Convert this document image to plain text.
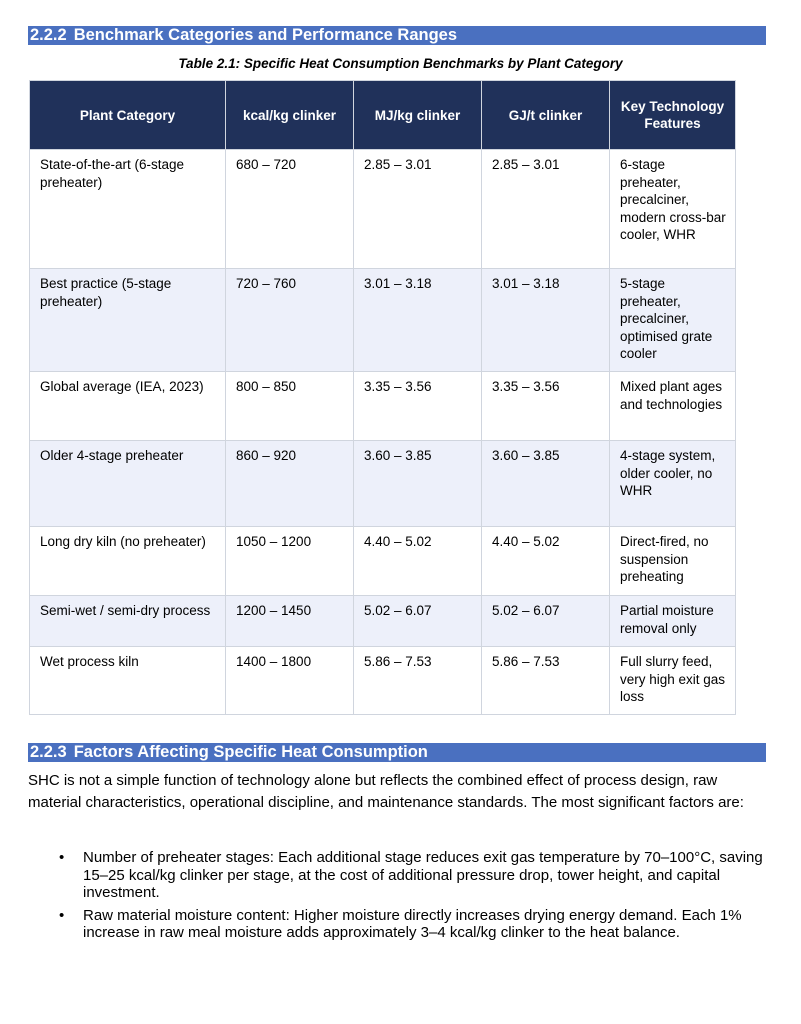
2.2.2 Benchmark Categories and Performance Ranges
Table 2.1: Specific Heat Consumption Benchmarks by Plant Category
Plant Category	kcal/kg clinker	MJ/kg clinker	GJ/t clinker	Key Technology Features
State-of-the-art (6-stage preheater)	680 – 720	2.85 – 3.01	2.85 – 3.01	6-stage preheater, precalciner, modern cross-bar cooler, WHR
Best practice (5-stage preheater)	720 – 760	3.01 – 3.18	3.01 – 3.18	5-stage preheater, precalciner, optimised grate cooler
Global average (IEA, 2023)	800 – 850	3.35 – 3.56	3.35 – 3.56	Mixed plant ages and technologies
Older 4-stage preheater	860 – 920	3.60 – 3.85	3.60 – 3.85	4-stage system, older cooler, no WHR
Long dry kiln (no preheater)	1050 – 1200	4.40 – 5.02	4.40 – 5.02	Direct-fired, no suspension preheating
Semi-wet / semi-dry process	1200 – 1450	5.02 – 6.07	5.02 – 6.07	Partial moisture removal only
Wet process kiln	1400 – 1800	5.86 – 7.53	5.86 – 7.53	Full slurry feed, very high exit gas loss
2.2.3 Factors Affecting Specific Heat Consumption

SHC is not a simple function of technology alone but reflects the combined effect of process design, raw material characteristics, operational discipline, and maintenance standards. The most significant factors are:

• Number of preheater stages: Each additional stage reduces exit gas temperature by 70–100°C, saving 15–25 kcal/kg clinker per stage, at the cost of additional pressure drop, tower height, and capital investment.
• Raw material moisture content: Higher moisture directly increases drying energy demand. Each 1% increase in raw meal moisture adds approximately 3–4 kcal/kg clinker to the heat balance.
